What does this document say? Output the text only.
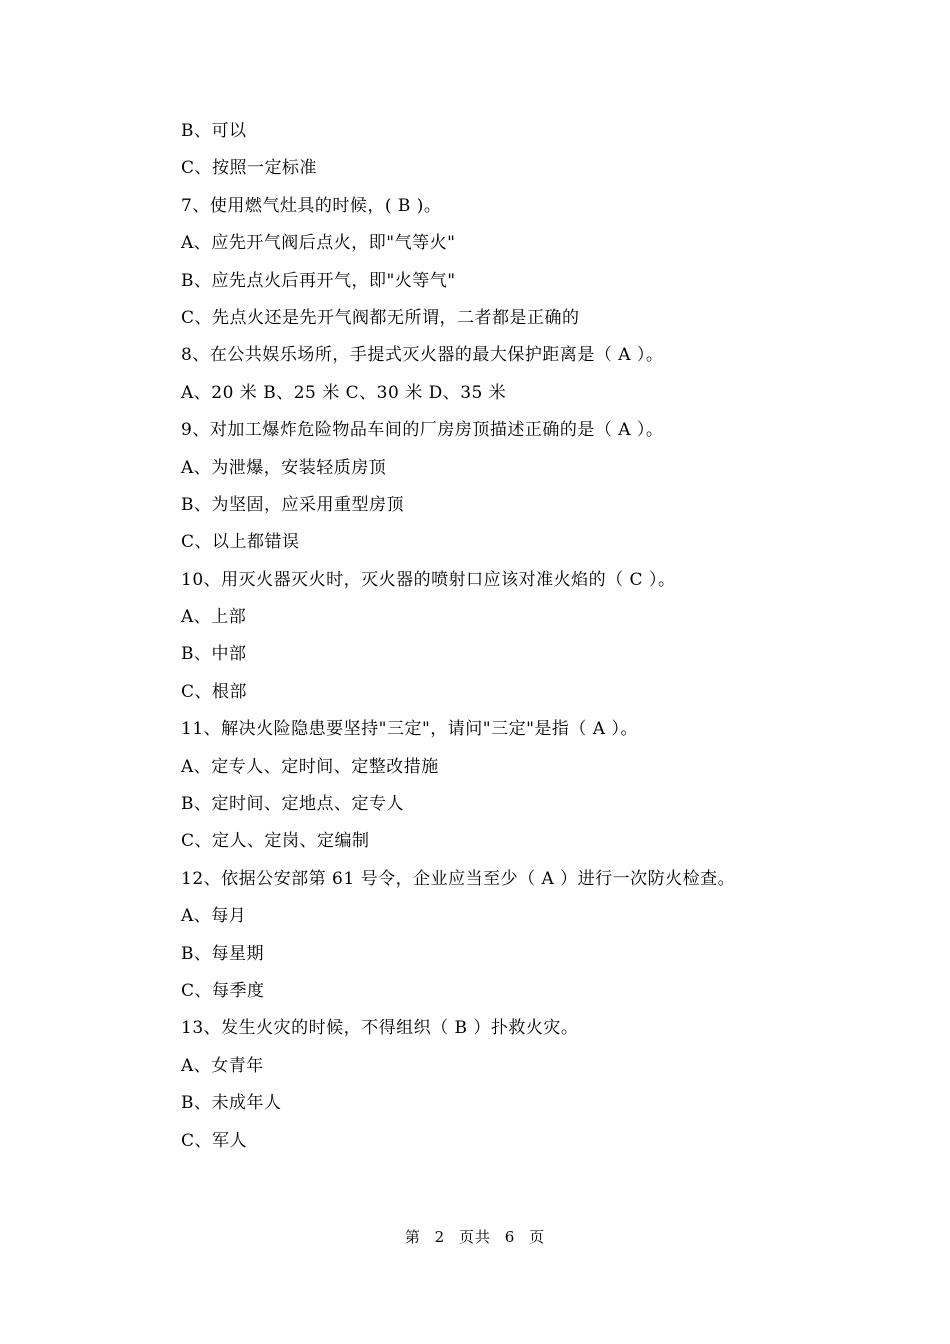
B、可以
C、按照一定标准
7、使用燃气灶具的时候，( B )。
A、应先开气阀后点火，即"气等火"
B、应先点火后再开气，即"火等气"
C、先点火还是先开气阀都无所谓，二者都是正确的
8、在公共娱乐场所，手提式灭火器的最大保护距离是（ A ）。
A、20 米 B、25 米 C、30 米 D、35 米
9、对加工爆炸危险物品车间的厂房房顶描述正确的是（ A ）。
A、为泄爆，安装轻质房顶
B、为坚固，应采用重型房顶
C、以上都错误
10、用灭火器灭火时，灭火器的喷射口应该对准火焰的（ C ）。
A、上部
B、中部
C、根部
11、解决火险隐患要坚持"三定"，请问"三定"是指（ A ）。
A、定专人、定时间、定整改措施
B、定时间、定地点、定专人
C、定人、定岗、定编制
12、依据公安部第 61 号令，企业应当至少（ A ）进行一次防火检查。
A、每月
B、每星期
C、每季度
13、发生火灾的时候，不得组织（ B ）扑救火灾。
A、女青年
B、未成年人
C、军人
第 2 页共 6 页
